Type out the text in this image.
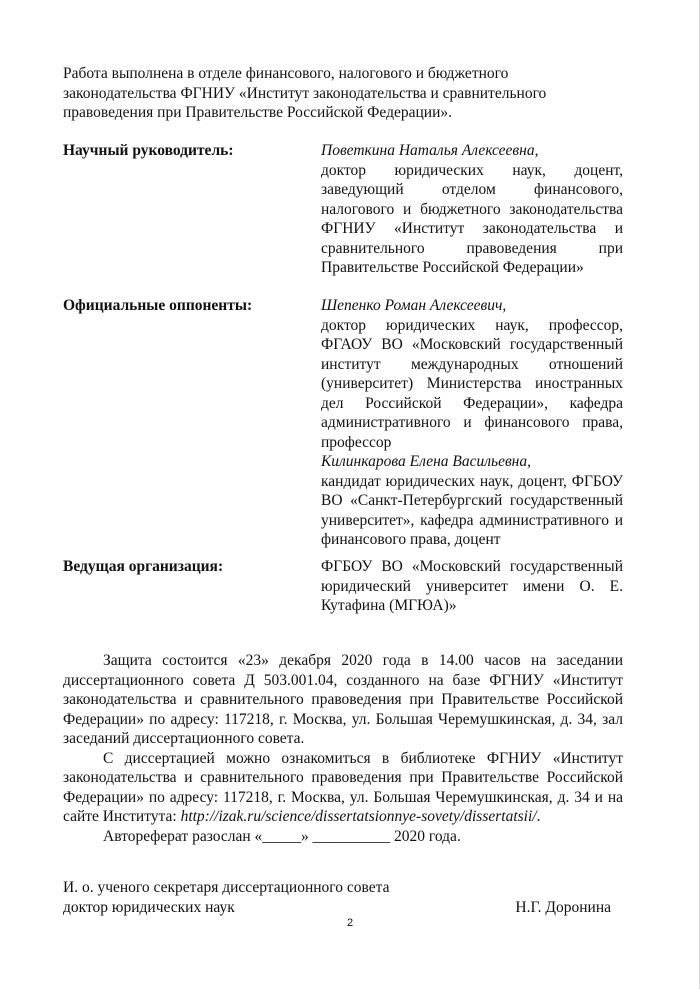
Работа выполнена в отделе финансового, налогового и бюджетного законодательства ФГНИУ «Институт законодательства и сравнительного правоведения при Правительстве Российской Федерации».

Научный руководитель:	Поветкина Наталья Алексеевна,
доктор юридических наук, доцент, заведующий отделом финансового, налогового и бюджетного законодательства ФГНИУ «Институт законодательства и сравнительного правоведения при Правительстве Российской Федерации»
Официальные оппоненты:	Шепенко Роман Алексеевич,
доктор юридических наук, профессор, ФГАОУ ВО «Московский государственный институт международных отношений (университет) Министерства иностранных дел Российской Федерации», кафедра административного и финансового права, профессор
Килинкарова Елена Васильевна,
кандидат юридических наук, доцент, ФГБОУ ВО «Санкт-Петербургский государственный университет», кафедра административного и финансового права, доцент
Ведущая организация:	ФГБОУ ВО «Московский государственный юридический университет имени О. Е. Кутафина (МГЮА)»

Защита состоится «23» декабря 2020 года в 14.00 часов на заседании диссертационного совета Д 503.001.04, созданного на базе ФГНИУ «Институт законодательства и сравнительного правоведения при Правительстве Российской Федерации» по адресу: 117218, г. Москва, ул. Большая Черемушкинская, д. 34, зал заседаний диссертационного совета.

С диссертацией можно ознакомиться в библиотеке ФГНИУ «Институт законодательства и сравнительного правоведения при Правительстве Российской Федерации» по адресу: 117218, г. Москва, ул. Большая Черемушкинская, д. 34 и на сайте Института: http://izak.ru/science/dissertatsionnye-sovety/dissertatsii/.

Автореферат разослан «_____» __________ 2020 года.

И. о. ученого секретаря диссертационного совета
доктор юридических наук	Н.Г. Доронина
2
